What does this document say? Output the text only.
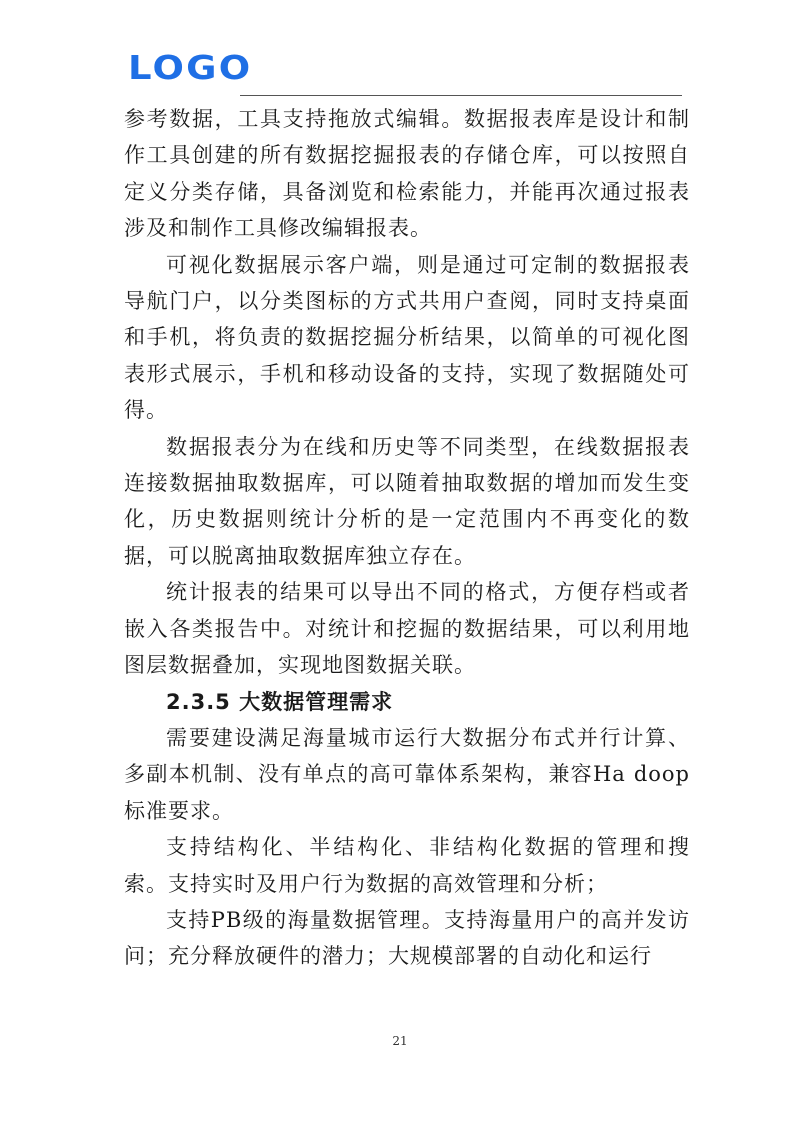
LOGO

参考数据，工具支持拖放式编辑。数据报表库是设计和制作工具创建的所有数据挖掘报表的存储仓库，可以按照自定义分类存储，具备浏览和检索能力，并能再次通过报表涉及和制作工具修改编辑报表。

可视化数据展示客户端，则是通过可定制的数据报表导航门户，以分类图标的方式共用户查阅，同时支持桌面和手机，将负责的数据挖掘分析结果，以简单的可视化图表形式展示，手机和移动设备的支持，实现了数据随处可得。

数据报表分为在线和历史等不同类型，在线数据报表连接数据抽取数据库，可以随着抽取数据的增加而发生变化，历史数据则统计分析的是一定范围内不再变化的数据，可以脱离抽取数据库独立存在。

统计报表的结果可以导出不同的格式，方便存档或者嵌入各类报告中。对统计和挖掘的数据结果，可以利用地图层数据叠加，实现地图数据关联。

2.3.5 大数据管理需求

需要建设满足海量城市运行大数据分布式并行计算、多副本机制、没有单点的高可靠体系架构，兼容Ha doop标准要求。

支持结构化、半结构化、非结构化数据的管理和搜索。支持实时及用户行为数据的高效管理和分析；

支持PB级的海量数据管理。支持海量用户的高并发访问；充分释放硬件的潜力；大规模部署的自动化和运行

21
